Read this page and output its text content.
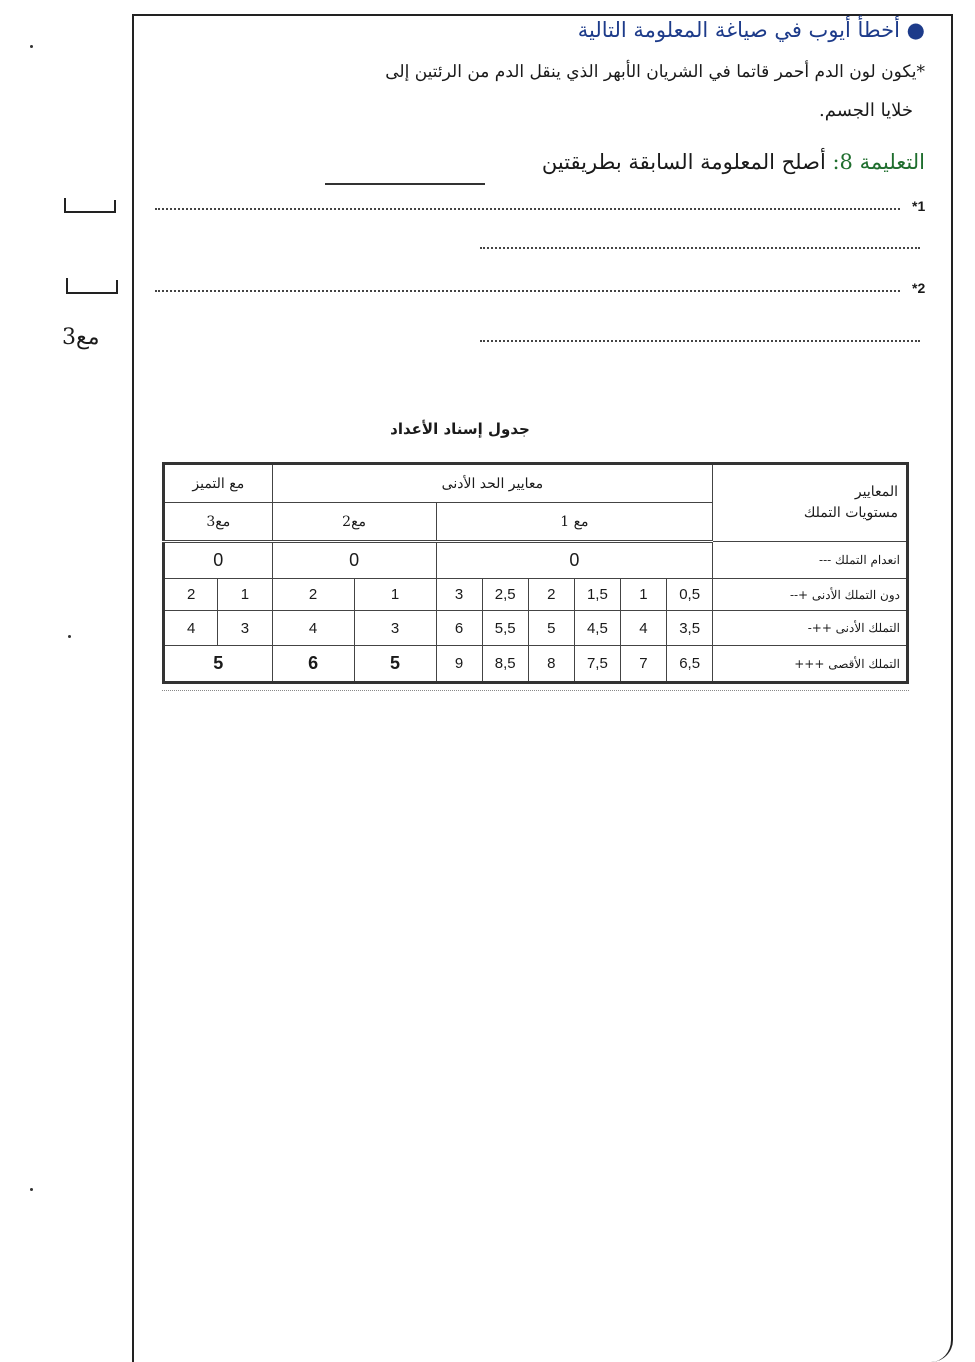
● أخطأ أيوب في صياغة المعلومة التالية
*يكون لون الدم أحمر قاتما في الشريان الأبهر الذي ينقل الدم من الرئتين إلى
خلايا الجسم.
التعليمة 8: أصلح المعلومة السابقة بطريقتين
*1
*2
مع3
جدول إسناد الأعداد
مع التميز		معايير الحد الأدنى								المعايير
مستويات التملك

مع3		مع2		مع 1						
0		0		0						انعدام التملك ---
2	1	2	1	3	2,5	2	1,5	1	0,5	دون التملك الأدنى +--
4	3	4	3	6	5,5	5	4,5	4	3,5	التملك الأدنى ++-
5		6	5	9	8,5	8	7,5	7	6,5	التملك الأقصى +++
